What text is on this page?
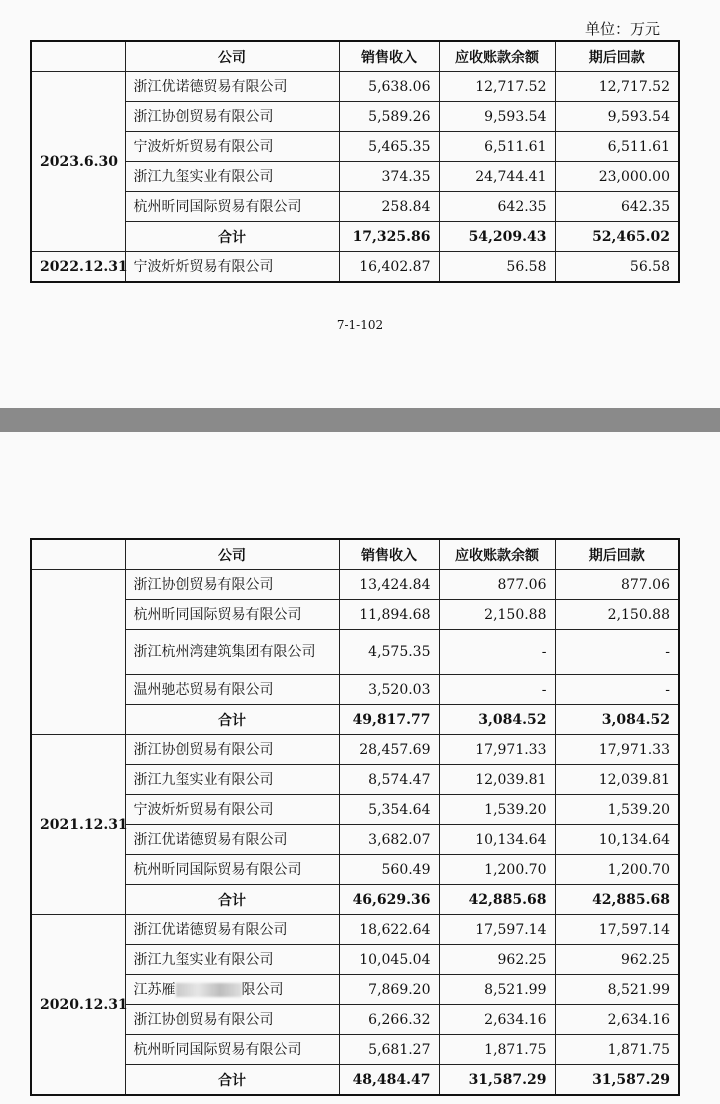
单位：万元
	公司	销售收入	应收账款余额	期后回款
2023.6.30	浙江优诺德贸易有限公司	5,638.06	12,717.52	12,717.52
	浙江协创贸易有限公司	5,589.26	9,593.54	9,593.54
	宁波炘炘贸易有限公司	5,465.35	6,511.61	6,511.61
	浙江九玺实业有限公司	374.35	24,744.41	23,000.00
	杭州昕同国际贸易有限公司	258.84	642.35	642.35
	合计	17,325.86	54,209.43	52,465.02
2022.12.31	宁波炘炘贸易有限公司	16,402.87	56.58	56.58
7-1-102
	公司	销售收入	应收账款余额	期后回款
	浙江协创贸易有限公司	13,424.84	877.06	877.06
	杭州昕同国际贸易有限公司	11,894.68	2,150.88	2,150.88
	浙江杭州湾建筑集团有限公司	4,575.35	-	-
	温州驰芯贸易有限公司	3,520.03	-	-
	合计	49,817.77	3,084.52	3,084.52
2021.12.31	浙江协创贸易有限公司	28,457.69	17,971.33	17,971.33
	浙江九玺实业有限公司	8,574.47	12,039.81	12,039.81
	宁波炘炘贸易有限公司	5,354.64	1,539.20	1,539.20
	浙江优诺德贸易有限公司	3,682.07	10,134.64	10,134.64
	杭州昕同国际贸易有限公司	560.49	1,200.70	1,200.70
	合计	46,629.36	42,885.68	42,885.68
2020.12.31	浙江优诺德贸易有限公司	18,622.64	17,597.14	17,597.14
	浙江九玺实业有限公司	10,045.04	962.25	962.25
	江苏雁 限公司	7,869.20	8,521.99	8,521.99
	浙江协创贸易有限公司	6,266.32	2,634.16	2,634.16
	杭州昕同国际贸易有限公司	5,681.27	1,871.75	1,871.75
	合计	48,484.47	31,587.29	31,587.29
